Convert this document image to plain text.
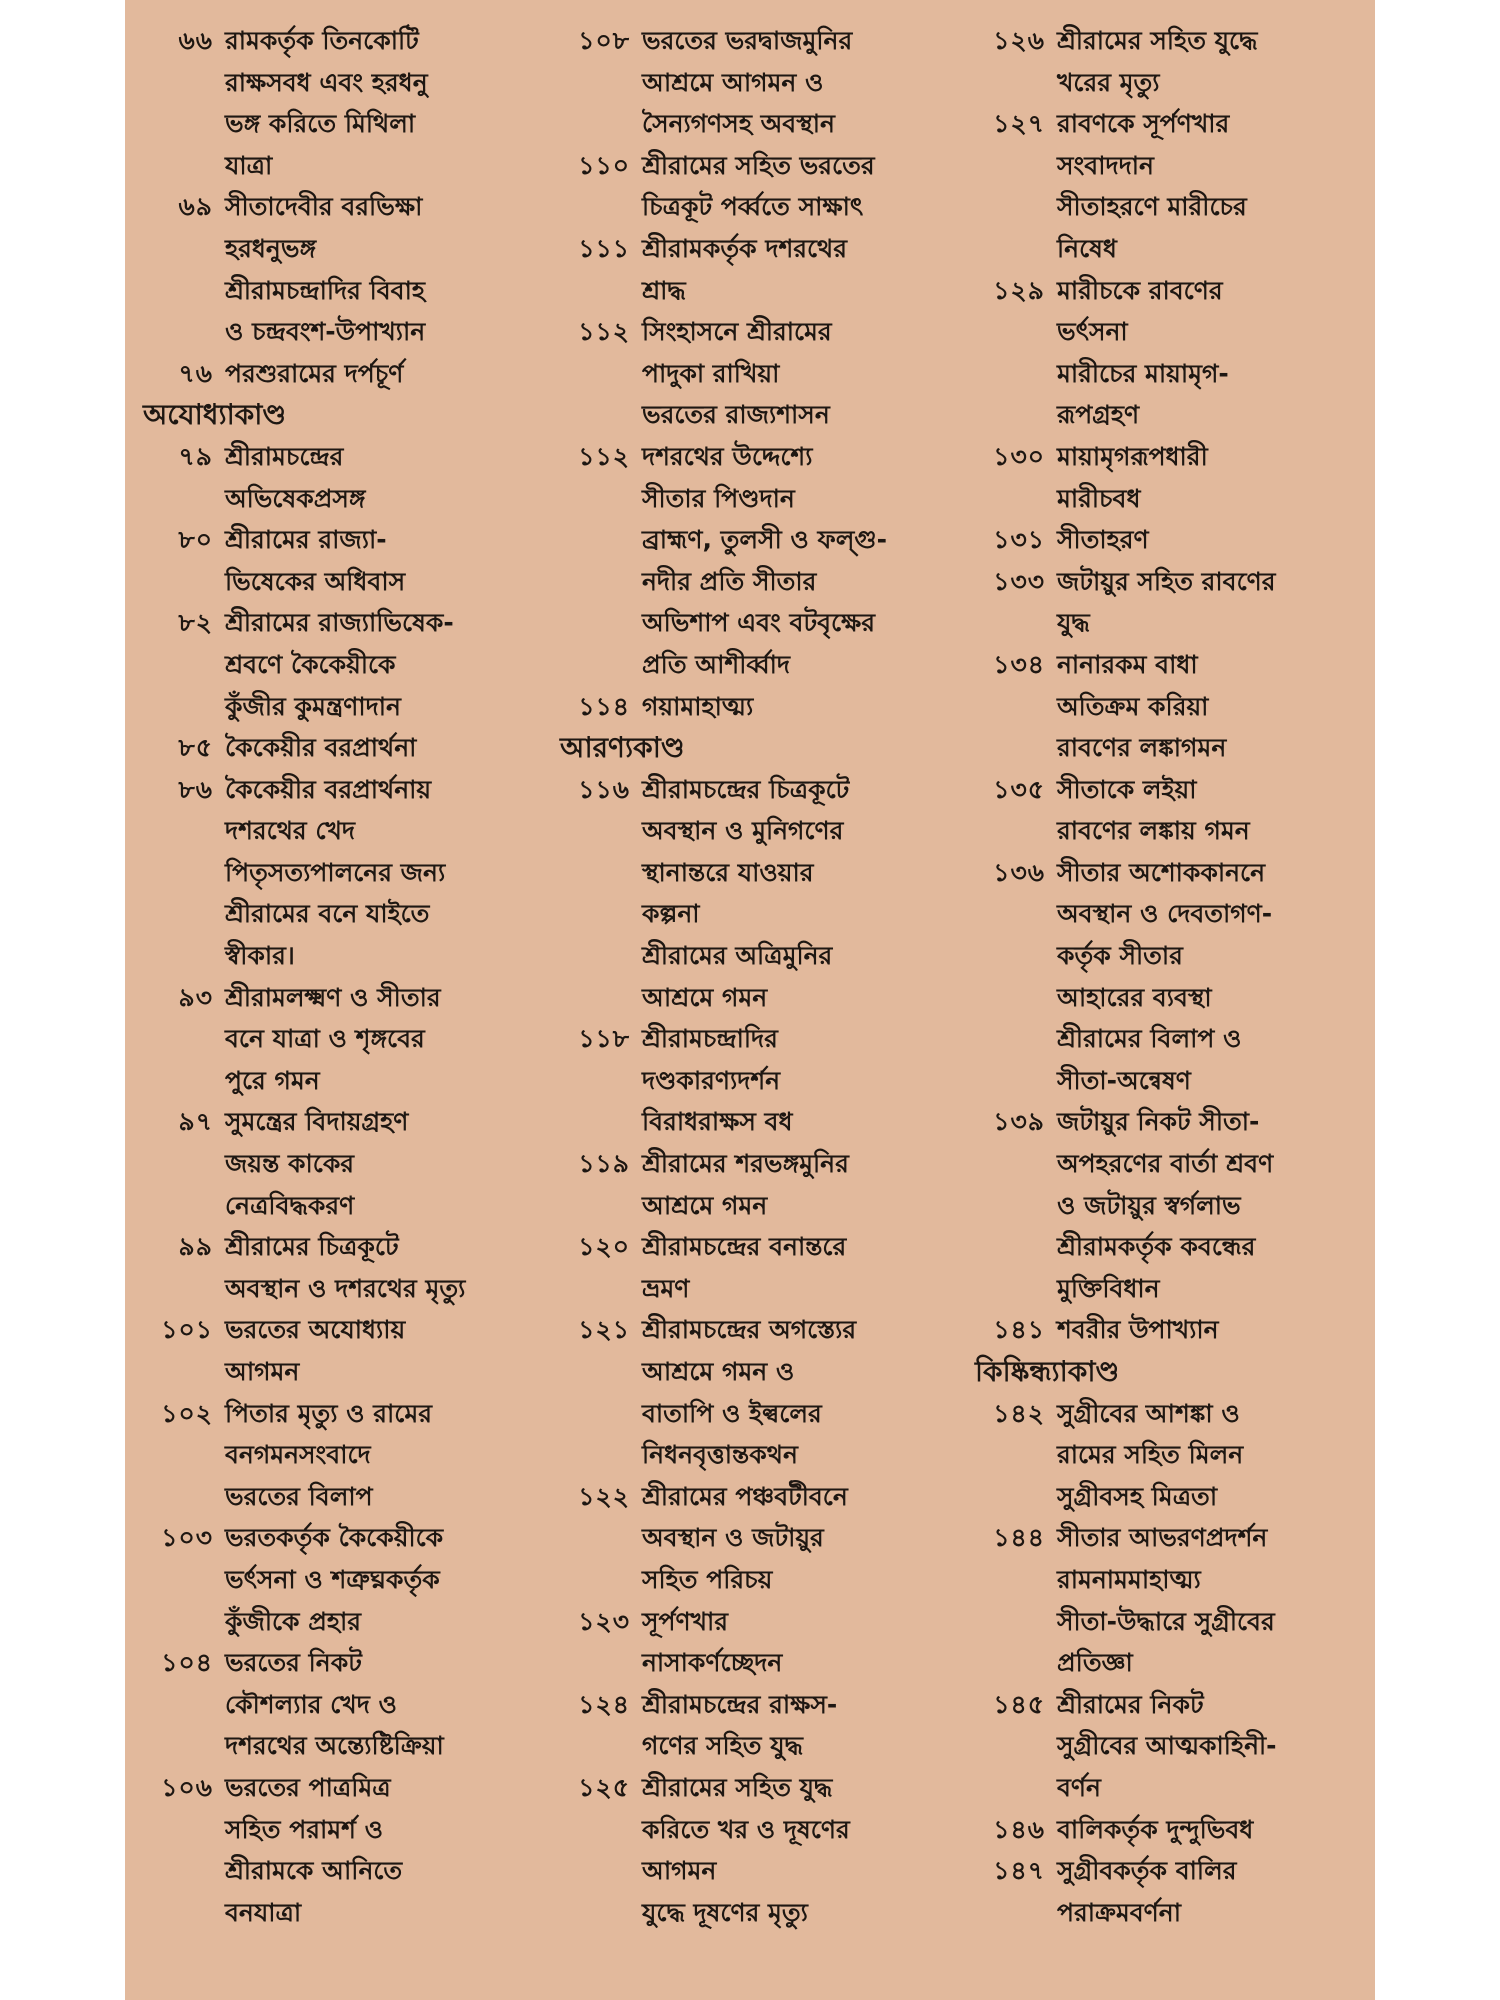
৬৬ রামকর্তৃক তিনকোটি
রাক্ষসবধ এবং হরধনু
ভঙ্গ করিতে মিথিলা
যাত্রা
৬৯ সীতাদেবীর বরভিক্ষা
হরধনুভঙ্গ
শ্রীরামচন্দ্রাদির বিবাহ
ও চন্দ্রবংশ-উপাখ্যান
৭৬ পরশুরামের দর্পচূর্ণ
অযোধ্যাকাণ্ড
৭৯ শ্রীরামচন্দ্রের
অভিষেকপ্রসঙ্গ
৮০ শ্রীরামের রাজ্যা-
ভিষেকের অধিবাস
৮২ শ্রীরামের রাজ্যাভিষেক-
শ্রবণে কৈকেয়ীকে
কুঁজীর কুমন্ত্রণাদান
৮৫ কৈকেয়ীর বরপ্রার্থনা
৮৬ কৈকেয়ীর বরপ্রার্থনায়
দশরথের খেদ
পিতৃসত্যপালনের জন্য
শ্রীরামের বনে যাইতে
স্বীকার।
৯৩ শ্রীরামলক্ষ্মণ ও সীতার
বনে যাত্রা ও শৃঙ্গবের
পুরে গমন
৯৭ সুমন্ত্রের বিদায়গ্রহণ
জয়ন্ত কাকের
নেত্রবিদ্ধকরণ
৯৯ শ্রীরামের চিত্রকূটে
অবস্থান ও দশরথের মৃত্যু
১০১ ভরতের অযোধ্যায়
আগমন
১০২ পিতার মৃত্যু ও রামের
বনগমনসংবাদে
ভরতের বিলাপ
১০৩ ভরতকর্তৃক কৈকেয়ীকে
ভর্ৎসনা ও শত্রুঘ্নকর্তৃক
কুঁজীকে প্রহার
১০৪ ভরতের নিকট
কৌশল্যার খেদ ও
দশরথের অন্ত্যেষ্টিক্রিয়া
১০৬ ভরতের পাত্রমিত্র
সহিত পরামর্শ ও
শ্রীরামকে আনিতে
বনযাত্রা
১০৮ ভরতের ভরদ্বাজমুনির
আশ্রমে আগমন ও
সৈন্যগণসহ অবস্থান
১১০ শ্রীরামের সহিত ভরতের
চিত্রকূট পর্ব্বতে সাক্ষাৎ
১১১ শ্রীরামকর্তৃক দশরথের
শ্রাদ্ধ
১১২ সিংহাসনে শ্রীরামের
পাদুকা রাখিয়া
ভরতের রাজ্যশাসন
১১২ দশরথের উদ্দেশ্যে
সীতার পিণ্ডদান
ব্রাহ্মণ, তুলসী ও ফল্গু-
নদীর প্রতি সীতার
অভিশাপ এবং বটবৃক্ষের
প্রতি আশীর্ব্বাদ
১১৪ গয়ামাহাত্ম্য
আরণ্যকাণ্ড
১১৬ শ্রীরামচন্দ্রের চিত্রকূটে
অবস্থান ও মুনিগণের
স্থানান্তরে যাওয়ার
কল্পনা
শ্রীরামের অত্রিমুনির
আশ্রমে গমন
১১৮ শ্রীরামচন্দ্রাদির
দণ্ডকারণ্যদর্শন
বিরাধরাক্ষস বধ
১১৯ শ্রীরামের শরভঙ্গমুনির
আশ্রমে গমন
১২০ শ্রীরামচন্দ্রের বনান্তরে
ভ্রমণ
১২১ শ্রীরামচন্দ্রের অগস্ত্যের
আশ্রমে গমন ও
বাতাপি ও ইল্বলের
নিধনবৃত্তান্তকথন
১২২ শ্রীরামের পঞ্চবটীবনে
অবস্থান ও জটায়ুর
সহিত পরিচয়
১২৩ সূর্পণখার
নাসাকর্ণচ্ছেদন
১২৪ শ্রীরামচন্দ্রের রাক্ষস-
গণের সহিত যুদ্ধ
১২৫ শ্রীরামের সহিত যুদ্ধ
করিতে খর ও দূষণের
আগমন
যুদ্ধে দূষণের মৃত্যু
১২৬ শ্রীরামের সহিত যুদ্ধে
খরের মৃত্যু
১২৭ রাবণকে সূর্পণখার
সংবাদদান
সীতাহরণে মারীচের
নিষেধ
১২৯ মারীচকে রাবণের
ভর্ৎসনা
মারীচের মায়ামৃগ-
রূপগ্রহণ
১৩০ মায়ামৃগরূপধারী
মারীচবধ
১৩১ সীতাহরণ
১৩৩ জটায়ুর সহিত রাবণের
যুদ্ধ
১৩৪ নানারকম বাধা
অতিক্রম করিয়া
রাবণের লঙ্কাগমন
১৩৫ সীতাকে লইয়া
রাবণের লঙ্কায় গমন
১৩৬ সীতার অশোককাননে
অবস্থান ও দেবতাগণ-
কর্তৃক সীতার
আহারের ব্যবস্থা
শ্রীরামের বিলাপ ও
সীতা-অন্বেষণ
১৩৯ জটায়ুর নিকট সীতা-
অপহরণের বার্তা শ্রবণ
ও জটায়ুর স্বর্গলাভ
শ্রীরামকর্তৃক কবন্ধের
মুক্তিবিধান
১৪১ শবরীর উপাখ্যান
কিষ্কিন্ধ্যাকাণ্ড
১৪২ সুগ্রীবের আশঙ্কা ও
রামের সহিত মিলন
সুগ্রীবসহ মিত্রতা
১৪৪ সীতার আভরণপ্রদর্শন
রামনামমাহাত্ম্য
সীতা-উদ্ধারে সুগ্রীবের
প্রতিজ্ঞা
১৪৫ শ্রীরামের নিকট
সুগ্রীবের আত্মকাহিনী-
বর্ণন
১৪৬ বালিকর্তৃক দুন্দুভিবধ
১৪৭ সুগ্রীবকর্তৃক বালির
পরাক্রমবর্ণনা
